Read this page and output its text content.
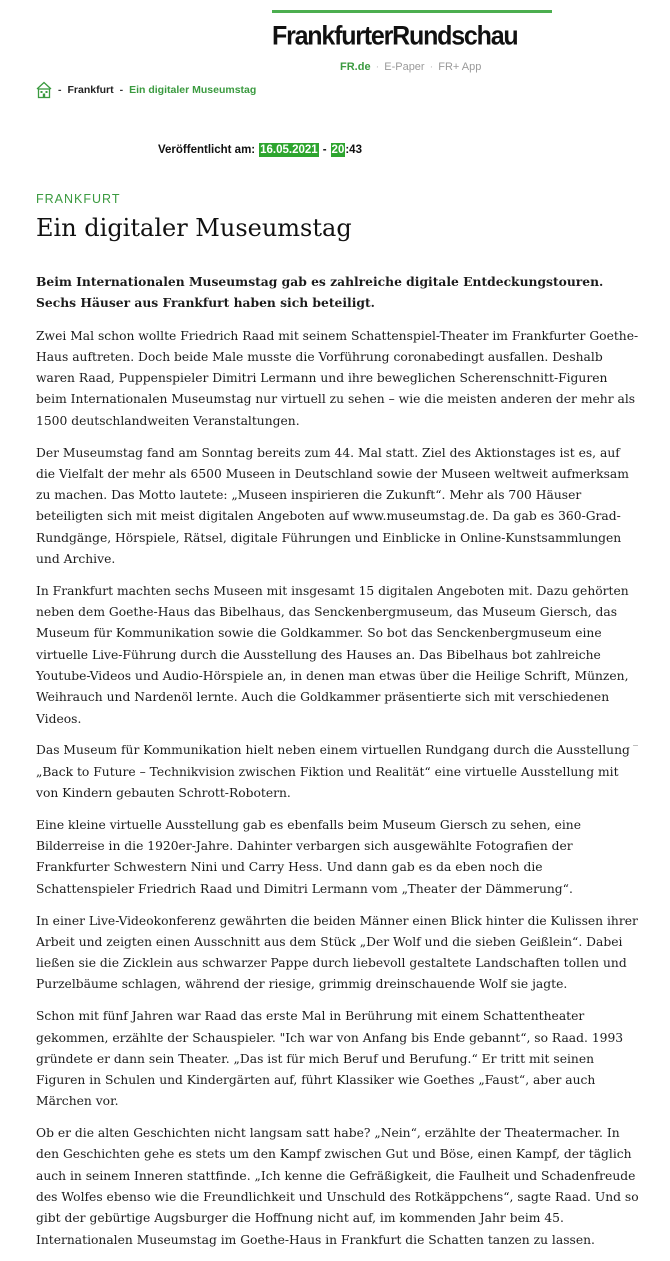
FrankfurterRundschau
FR.de · E-Paper · FR+ App
- Frankfurt - Ein digitaler Museumstag
Veröffentlicht am: 16.05.2021 - 20 :43
FRANKFURT
Ein digitaler Museumstag

Beim Internationalen Museumstag gab es zahlreiche digitale Entdeckungstouren. Sechs Häuser aus Frankfurt haben sich beteiligt.

Zwei Mal schon wollte Friedrich Raad mit seinem Schattenspiel-Theater im Frankfurter Goethe-Haus auftreten. Doch beide Male musste die Vorführung coronabedingt ausfallen. Deshalb waren Raad, Puppenspieler Dimitri Lermann und ihre beweglichen Scherenschnitt-Figuren beim Internationalen Museumstag nur virtuell zu sehen – wie die meisten anderen der mehr als 1500 deutschlandweiten Veranstaltungen.

Der Museumstag fand am Sonntag bereits zum 44. Mal statt. Ziel des Aktionstages ist es, auf die Vielfalt der mehr als 6500 Museen in Deutschland sowie der Museen weltweit aufmerksam zu machen. Das Motto lautete: „Museen inspirieren die Zukunft“. Mehr als 700 Häuser beteiligten sich mit meist digitalen Angeboten auf www.museumstag.de. Da gab es 360-Grad-Rundgänge, Hörspiele, Rätsel, digitale Führungen und Einblicke in Online-Kunstsammlungen und Archive.

In Frankfurt machten sechs Museen mit insgesamt 15 digitalen Angeboten mit. Dazu gehörten neben dem Goethe-Haus das Bibelhaus, das Senckenbergmuseum, das Museum Giersch, das Museum für Kommunikation sowie die Goldkammer. So bot das Senckenbergmuseum eine virtuelle Live-Führung durch die Ausstellung des Hauses an. Das Bibelhaus bot zahlreiche Youtube-Videos und Audio-Hörspiele an, in denen man etwas über die Heilige Schrift, Münzen, Weihrauch und Nardenöl lernte. Auch die Goldkammer präsentierte sich mit verschiedenen Videos.

Das Museum für Kommunikation hielt neben einem virtuellen Rundgang durch die Ausstellung „Back to Future – Technikvision zwischen Fiktion und Realität“ eine virtuelle Ausstellung mit von Kindern gebauten Schrott-Robotern.

Eine kleine virtuelle Ausstellung gab es ebenfalls beim Museum Giersch zu sehen, eine Bilderreise in die 1920er-Jahre. Dahinter verbargen sich ausgewählte Fotografien der Frankfurter Schwestern Nini und Carry Hess. Und dann gab es da eben noch die Schattenspieler Friedrich Raad und Dimitri Lermann vom „Theater der Dämmerung“.

In einer Live-Videokonferenz gewährten die beiden Männer einen Blick hinter die Kulissen ihrer Arbeit und zeigten einen Ausschnitt aus dem Stück „Der Wolf und die sieben Geißlein“. Dabei ließen sie die Zicklein aus schwarzer Pappe durch liebevoll gestaltete Landschaften tollen und Purzelbäume schlagen, während der riesige, grimmig dreinschauende Wolf sie jagte.

Schon mit fünf Jahren war Raad das erste Mal in Berührung mit einem Schattentheater gekommen, erzählte der Schauspieler. "Ich war von Anfang bis Ende gebannt“, so Raad. 1993 gründete er dann sein Theater. „Das ist für mich Beruf und Berufung.“ Er tritt mit seinen Figuren in Schulen und Kindergärten auf, führt Klassiker wie Goethes „Faust“, aber auch Märchen vor.

Ob er die alten Geschichten nicht langsam satt habe? „Nein“, erzählte der Theatermacher. In den Geschichten gehe es stets um den Kampf zwischen Gut und Böse, einen Kampf, der täglich auch in seinem Inneren stattfinde. „Ich kenne die Gefräßigkeit, die Faulheit und Schadenfreude des Wolfes ebenso wie die Freundlichkeit und Unschuld des Rotkäppchens“, sagte Raad. Und so gibt der gebürtige Augsburger die Hoffnung nicht auf, im kommenden Jahr beim 45. Internationalen Museumstag im Goethe-Haus in Frankfurt die Schatten tanzen zu lassen.
